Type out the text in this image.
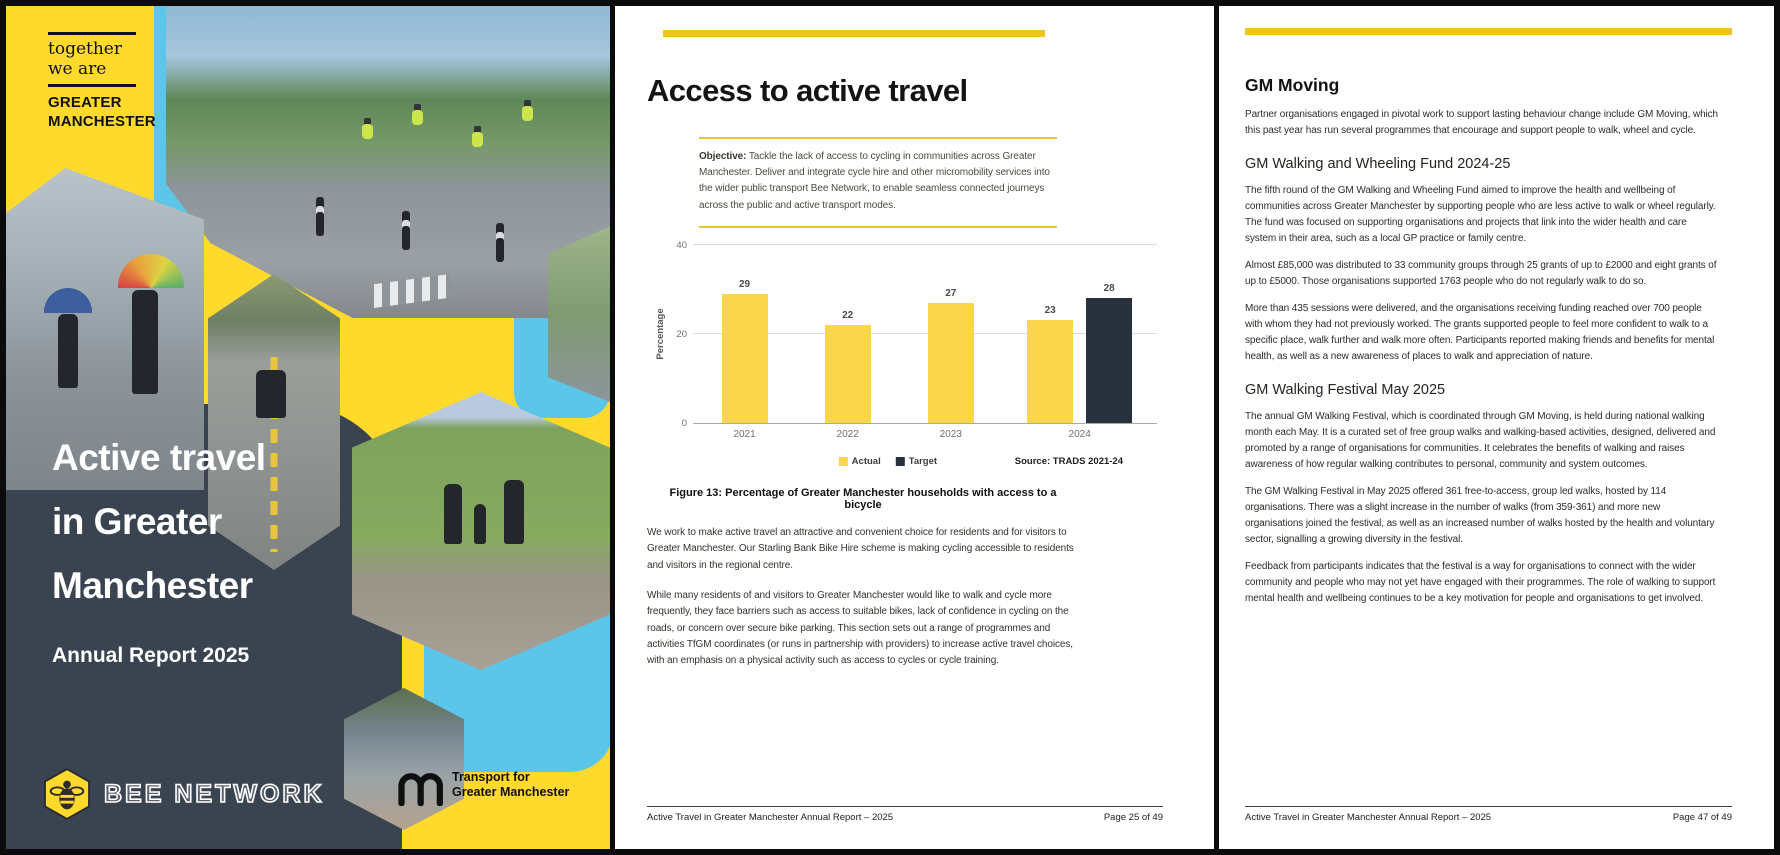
together
we are
GREATER
MANCHESTER
Active travel
in Greater
Manchester
Annual Report 2025
BEE NETWORK
Transport for
Greater Manchester
Access to active travel
Objective: Tackle the lack of access to cycling in communities across Greater Manchester. Deliver and integrate cycle hire and other micromobility services into the wider public transport Bee Network, to enable seamless connected journeys across the public and active transport modes.
Percentage
29
22
27
23
28
0
20
40
2021	2022	2023	2024
Actual	Target	Source: TRADS 2021-24
Figure 13: Percentage of Greater Manchester households with access to a bicycle

We work to make active travel an attractive and convenient choice for residents and for visitors to Greater Manchester. Our Starling Bank Bike Hire scheme is making cycling accessible to residents and visitors in the regional centre.

While many residents of and visitors to Greater Manchester would like to walk and cycle more frequently, they face barriers such as access to suitable bikes, lack of confidence in cycling on the roads, or concern over secure bike parking. This section sets out a range of programmes and activities TfGM coordinates (or runs in partnership with providers) to increase active travel choices, with an emphasis on a physical activity such as access to cycles or cycle training.

Active Travel in Greater Manchester Annual Report – 2025	Page 25 of 49
GM Moving

Partner organisations engaged in pivotal work to support lasting behaviour change include GM Moving, which this past year has run several programmes that encourage and support people to walk, wheel and cycle.

GM Walking and Wheeling Fund 2024-25

The fifth round of the GM Walking and Wheeling Fund aimed to improve the health and wellbeing of communities across Greater Manchester by supporting people who are less active to walk or wheel regularly. The fund was focused on supporting organisations and projects that link into the wider health and care system in their area, such as a local GP practice or family centre.

Almost £85,000 was distributed to 33 community groups through 25 grants of up to £2000 and eight grants of up to £5000. Those organisations supported 1763 people who do not regularly walk to do so.

More than 435 sessions were delivered, and the organisations receiving funding reached over 700 people with whom they had not previously worked. The grants supported people to feel more confident to walk to a specific place, walk further and walk more often. Participants reported making friends and benefits for mental health, as well as a new awareness of places to walk and appreciation of nature.

GM Walking Festival May 2025

The annual GM Walking Festival, which is coordinated through GM Moving, is held during national walking month each May. It is a curated set of free group walks and walking-based activities, designed, delivered and promoted by a range of organisations for communities. It celebrates the benefits of walking and raises awareness of how regular walking contributes to personal, community and system outcomes.

The GM Walking Festival in May 2025 offered 361 free-to-access, group led walks, hosted by 114 organisations. There was a slight increase in the number of walks (from 359-361) and more new organisations joined the festival, as well as an increased number of walks hosted by the health and voluntary sector, signalling a growing diversity in the festival.

Feedback from participants indicates that the festival is a way for organisations to connect with the wider community and people who may not yet have engaged with their programmes. The role of walking to support mental health and wellbeing continues to be a key motivation for people and organisations to get involved.

Active Travel in Greater Manchester Annual Report – 2025	Page 47 of 49
